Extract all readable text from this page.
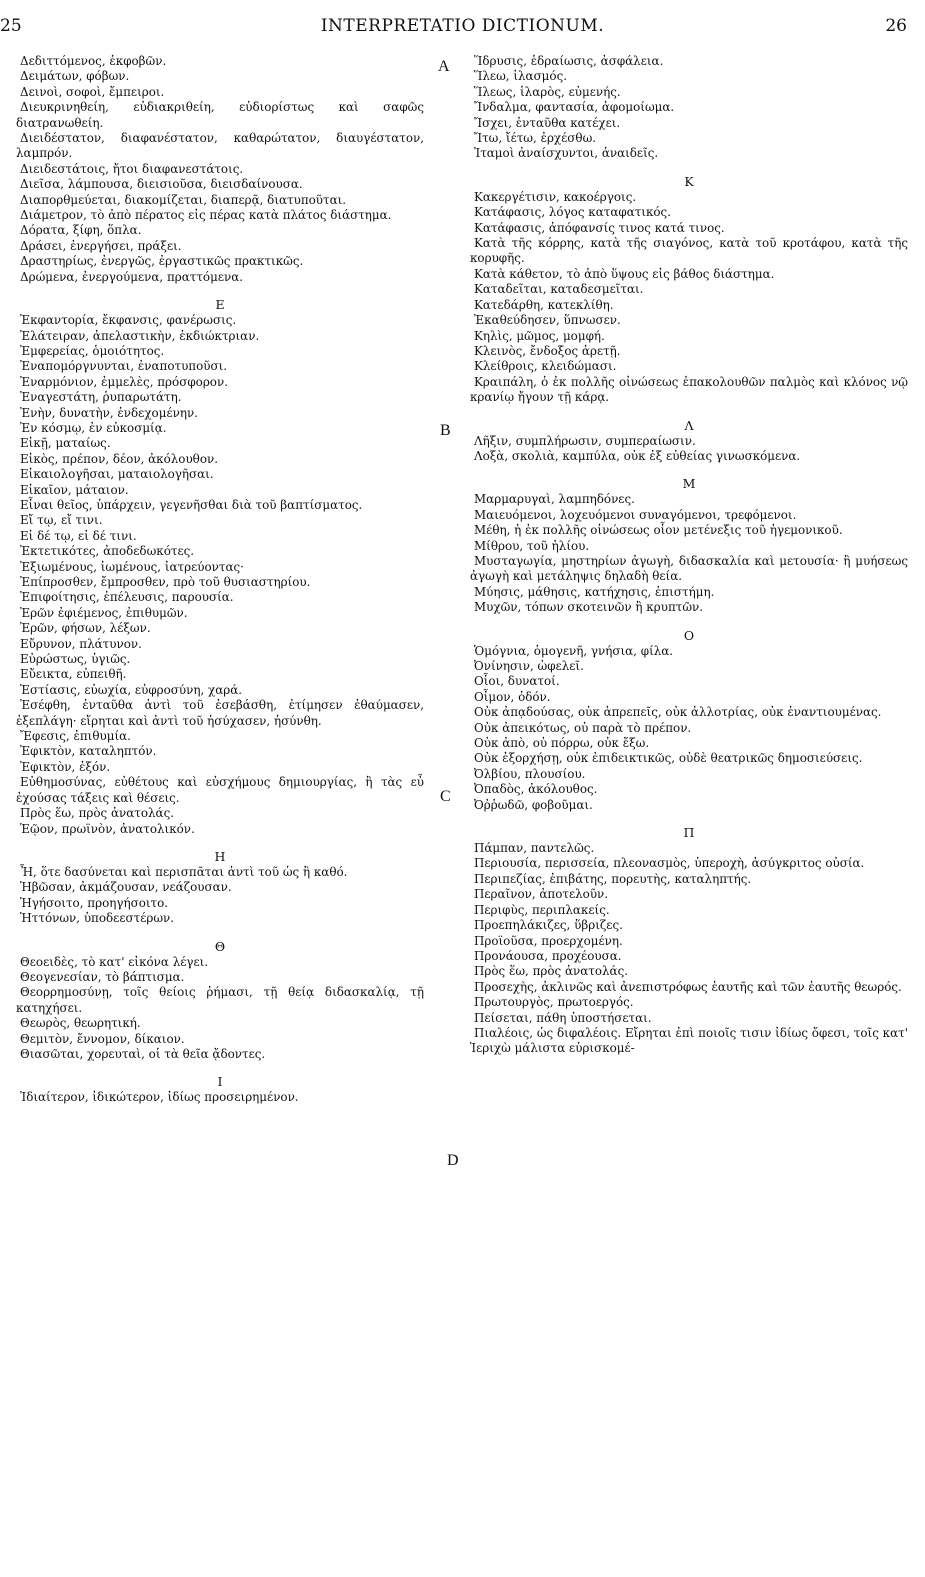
25	INTERPRETATIO DICTIONUM.	26
A
B
C
D

Δεδιττόμενος, ἐκφοβῶν.

Δειμάτων, φόβων.

Δεινοὶ, σοφοὶ, ἔμπειροι.

Διευκρινηθείη, εὐδιακριθείη, εὐδιορίστως καὶ σαφῶς διατρανωθείη.

Διειδέστατον, διαφανέστατον, καθαρώτατον, διαυγέστατον, λαμπρόν.

Διειδεστάτοις, ἤτοι διαφανεστάτοις.

Διεῖσα, λάμπουσα, διεισιοῦσα, διεισδαίνουσα.

Διαπορθμεύεται, διακομίζεται, διαπερᾷ, διατυποῦται.

Διάμετρον, τὸ ἀπὸ πέρατος εἰς πέρας κατὰ πλάτος διάστημα.

Δόρατα, ξίφη, ὅπλα.

Δράσει, ἐνεργήσει, πράξει.

Δραστηρίως, ἐνεργῶς, ἐργαστικῶς πρακτικῶς.

Δρώμενα, ἐνεργούμενα, πραττόμενα.

Ε

Ἐκφαντορία, ἔκφανσις, φανέρωσις.

Ἐλάτειραν, ἀπελαστικὴν, ἐκδιώκτριαν.

Ἐμφερείας, ὁμοιότητος.

Ἐναπομόργνυνται, ἐναποτυποῦσι.

Ἐναρμόνιον, ἐμμελὲς, πρόσφορον.

Ἐναγεστάτη, ῥυπαρωτάτη.

Ἐνὴν, δυνατὴν, ἐνδεχομένην.

Ἐν κόσμῳ, ἐν εὐκοσμίᾳ.

Εἰκῇ, ματαίως.

Εἰκὸς, πρέπον, δέον, ἀκόλουθον.

Εἰκαιολογῆσαι, ματαιολογῆσαι.

Εἰκαῖον, μάταιον.

Εἶναι θεῖος, ὑπάρχειν, γεγενῆσθαι διὰ τοῦ βαπτίσματος.

Εἴ τῳ, εἴ τινι.

Εἰ δέ τῳ, εἰ δέ τινι.

Ἐκτετικότες, ἀποδεδωκότες.

Ἐξιωμένους, ἰωμένους, ἰατρεύοντας·

Ἐπίπροσθεν, ἔμπροσθεν, πρὸ τοῦ θυσιαστηρίου.

Ἐπιφοίτησις, ἐπέλευσις, παρουσία.

Ἐρῶν ἐφιέμενος, ἐπιθυμῶν.

Ἐρῶν, φήσων, λέξων.

Εὔρυνον, πλάτυνον.

Εὐρώστως, ὑγιῶς.

Εὔεικτα, εὐπειθῆ.

Ἑστίασις, εὐωχία, εὐφροσύνη, χαρά.

Ἐσέφθη, ἐνταῦθα ἀντὶ τοῦ ἐσεβάσθη, ἐτίμησεν ἐθαύμασεν, ἐξεπλάγη· εἴρηται καὶ ἀντὶ τοῦ ἡσύχασεν, ἡσύνθη.

Ἔφεσις, ἐπιθυμία.

Ἐφικτὸν, καταληπτόν.

Ἐφικτὸν, ἐξόν.

Εὐθημοσύνας, εὐθέτους καὶ εὐσχήμους δημιουργίας, ἢ τὰς εὖ ἐχούσας τάξεις καὶ θέσεις.

Πρὸς ἕω, πρὸς ἀνατολάς.

Ἑῷον, πρωϊνὸν, ἀνατολικόν.

Η

Ἦ, ὅτε δασύνεται καὶ περισπᾶται ἀντὶ τοῦ ὡς ἢ καθό.

Ἡβῶσαν, ἀκμάζουσαν, νεάζουσαν.

Ἡγήσοιτο, προηγήσοιτο.

Ἡττόνων, ὑποδεεστέρων.

Θ

Θεοειδὲς, τὸ κατ' εἰκόνα λέγει.

Θεογενεσίαν, τὸ βάπτισμα.

Θεορρημοσύνῃ, τοῖς θείοις ῥήμασι, τῇ θείᾳ διδασκαλίᾳ, τῇ κατηχήσει.

Θεωρὸς, θεωρητική.

Θεμιτὸν, ἔννομον, δίκαιον.

Θιασῶται, χορευταὶ, οἱ τὰ θεῖα ᾄδοντες.

Ι

Ἰδιαίτερον, ἰδικώτερον, ἰδίως προσειρημένον.

Ἵδρυσις, ἑδραίωσις, ἀσφάλεια.

Ἵλεω, ἱλασμός.

Ἵλεως, ἱλαρὸς, εὐμενής.

Ἴνδαλμα, φαντασία, ἀφομοίωμα.

Ἴσχει, ἐνταῦθα κατέχει.

Ἴτω, ἴέτω, ἐρχέσθω.

Ἰταμοὶ ἀναίσχυντοι, ἀναιδεῖς.

Κ

Κακεργέτισιν, κακοέργοις.

Κατάφασις, λόγος καταφατικός.

Κατάφασις, ἀπόφανσίς τινος κατά τινος.

Κατὰ τῆς κόρρης, κατὰ τῆς σιαγόνος, κατὰ τοῦ κροτάφου, κατὰ τῆς κορυφῆς.

Κατὰ κάθετον, τὸ ἀπὸ ὕψους εἰς βάθος διάστημα.

Καταδεῖται, καταδεσμεῖται.

Κατεδάρθη, κατεκλίθη.

Ἐκαθεύδησεν, ὕπνωσεν.

Κηλὶς, μῶμος, μομφή.

Κλεινὸς, ἔνδοξος ἀρετῇ.

Κλείθροις, κλειδώμασι.

Κραιπάλη, ὁ ἐκ πολλῆς οἰνώσεως ἐπακολουθῶν παλμὸς καὶ κλόνος νῷ κρανίῳ ἤγουν τῇ κάρᾳ.

Λ

Λῆξιν, συμπλήρωσιν, συμπεραίωσιν.

Λοξὰ, σκολιὰ, καμπύλα, οὐκ ἐξ εὐθείας γινωσκόμενα.

Μ

Μαρμαρυγαὶ, λαμπηδόνες.

Μαιευόμενοι, λοχευόμενοι συναγόμενοι, τρεφόμενοι.

Μέθη, ἡ ἐκ πολλῆς οἰνώσεως οἷον μετένεξις τοῦ ἡγεμονικοῦ.

Μίθρου, τοῦ ἡλίου.

Μυσταγωγία, μηστηρίων ἀγωγὴ, διδασκαλία καὶ μετουσία· ἢ μυήσεως ἀγωγὴ καὶ μετάληψις δηλαδὴ θεία.

Μύησις, μάθησις, κατήχησις, ἐπιστήμη.

Μυχῶν, τόπων σκοτεινῶν ἢ κρυπτῶν.

Ο

Ὁμόγνια, ὁμογενῆ, γνήσια, φίλα.

Ὀνίνησιν, ὠφελεῖ.

Οἷοι, δυνατοί.

Οἶμον, ὁδόν.

Οὐκ ἀπᾳδούσας, οὐκ ἀπρεπεῖς, οὐκ ἀλλοτρίας, οὐκ ἐναντιουμένας.

Οὐκ ἀπεικότως, οὐ παρὰ τὸ πρέπον.

Οὐκ ἀπὸ, οὐ πόρρω, οὐκ ἔξω.

Οὐκ ἐξορχήσῃ, οὐκ ἐπιδεικτικῶς, οὐδὲ θεατρικῶς δημοσιεύσεις.

Ὀλβίου, πλουσίου.

Ὀπαδὸς, ἀκόλουθος.

Ὀῤῥωδῶ, φοβοῦμαι.

Π

Πάμπαν, παντελῶς.

Περιουσία, περισσεία, πλεονασμὸς, ὑπεροχὴ, ἀσύγκριτος οὐσία.

Περιπεζίας, ἐπιβάτης, πορευτὴς, καταληπτής.

Περαῖνον, ἀποτελοῦν.

Περιφὺς, περιπλακείς.

Προεπηλάκιζες, ὕβριζες.

Προϊοῦσα, προερχομένη.

Προνάουσα, προχέουσα.

Πρὸς ἕω, πρὸς ἀνατολάς.

Προσεχὴς, ἀκλινῶς καὶ ἀνεπιστρόφως ἑαυτῆς καὶ τῶν ἑαυτῆς θεωρός.

Πρωτουργὸς, πρωτοεργός.

Πείσεται, πάθη ὑποστήσεται.

Πιαλέοις, ὡς διφαλέοις. Εἴρηται ἐπὶ ποιοῖς τισιν ἰδίως ὄφεσι, τοῖς κατ' Ἱεριχὼ μάλιστα εὑρισκομέ-
